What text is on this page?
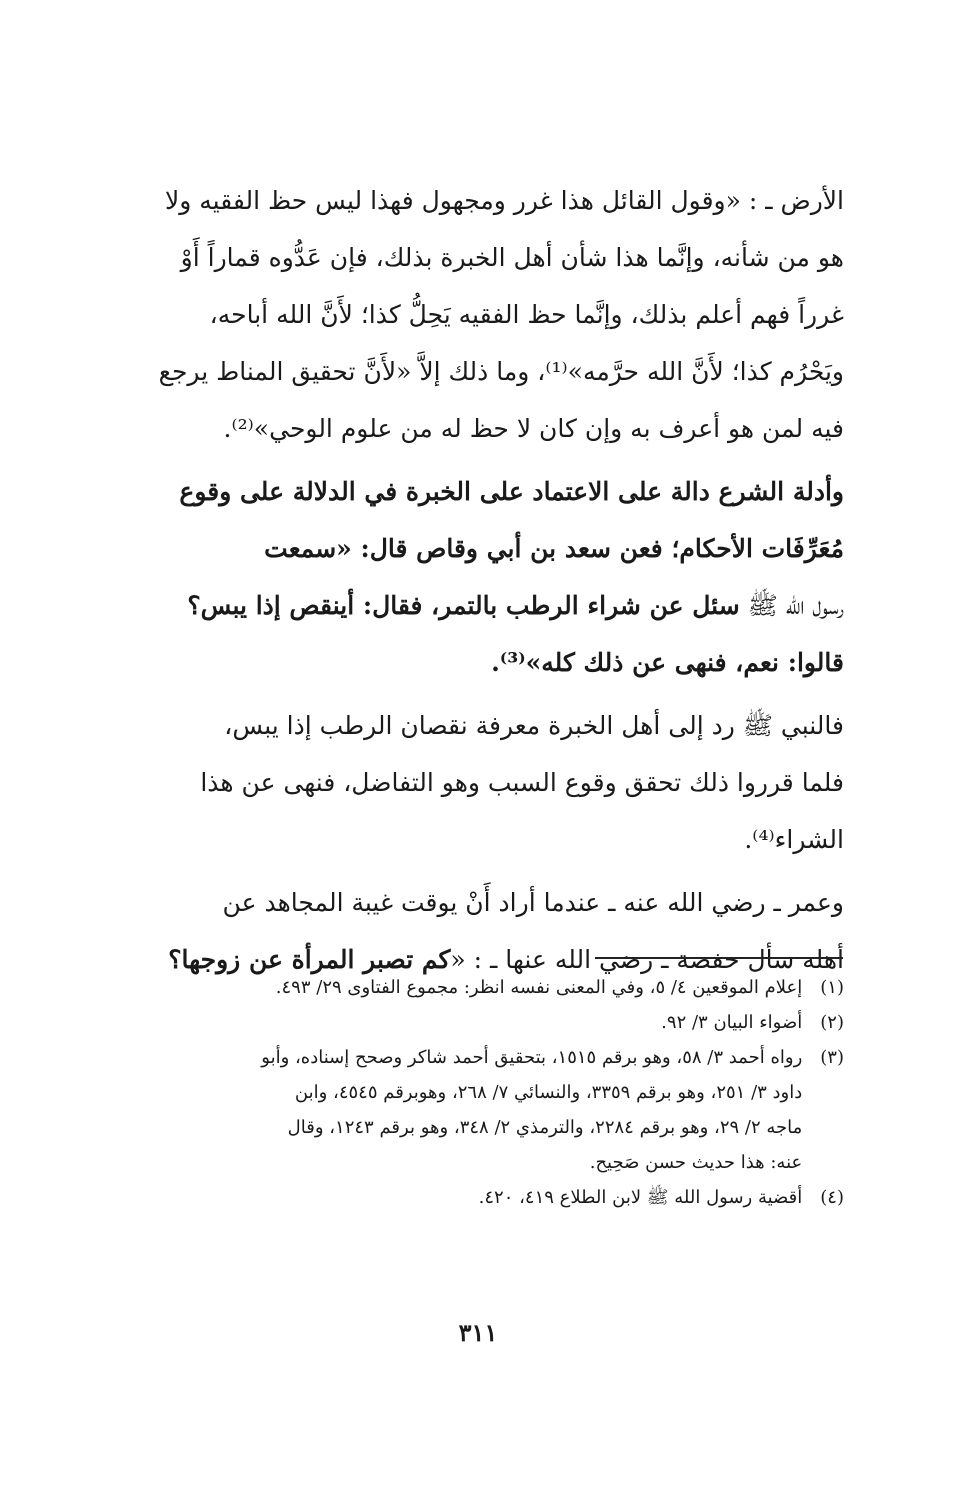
الأرض ـ : «وقول القائل هذا غرر ومجهول فهذا ليس حظ الفقيه ولا
هو من شأنه، وإنَّما هذا شأن أهل الخبرة بذلك، فإن عَدُّوه قماراً أَوْ
غرراً فهم أعلم بذلك، وإنَّما حظ الفقيه يَحِلُّ كذا؛ لأَنَّ الله أباحه،
ويَحْرُم كذا؛ لأَنَّ الله حرَّمه»⁽¹⁾، وما ذلك إلاَّ «لأَنَّ تحقيق المناط يرجع
فيه لمن هو أعرف به وإن كان لا حظ له من علوم الوحي»⁽²⁾.
وأدلة الشرع دالة على الاعتماد على الخبرة في الدلالة على وقوع
مُعَرِّفَات الأحكام؛ فعن سعد بن أبي وقاص قال: «سمعت
رسول الله ﷺ سئل عن شراء الرطب بالتمر، فقال: أينقص إذا يبس؟
قالوا: نعم، فنهى عن ذلك كله»⁽³⁾.
فالنبي ﷺ رد إلى أهل الخبرة معرفة نقصان الرطب إذا يبس،
فلما قرروا ذلك تحقق وقوع السبب وهو التفاضل، فنهى عن هذا
الشراء⁽⁴⁾.
وعمر ـ رضي الله عنه ـ عندما أراد أَنْ يوقت غيبة المجاهد عن
أهله سأل حفصة ـ رضي الله عنها ـ : «كم تصبر المرأة عن زوجها؟
(١) إعلام الموقعين ٤/ ٥، وفي المعنى نفسه انظر: مجموع الفتاوى ٢٩/ ٤٩٣.
(٢) أضواء البيان ٣/ ٩٢.
(٣) رواه أحمد ٣/ ٥٨، وهو برقم ١٥١٥، بتحقيق أحمد شاكر وصحح إسناده، وأبو
داود ٣/ ٢٥١، وهو برقم ٣٣٥٩، والنسائي ٧/ ٢٦٨، وهوبرقم ٤٥٤٥، وابن
ماجه ٢/ ٢٩، وهو برقم ٢٢٨٤، والترمذي ٢/ ٣٤٨، وهو برقم ١٢٤٣، وقال
عنه: هذا حديث حسن صَحِيح.
(٤) أقضية رسول الله ﷺ لابن الطلاع ٤١٩، ٤٢٠.
٣١١
